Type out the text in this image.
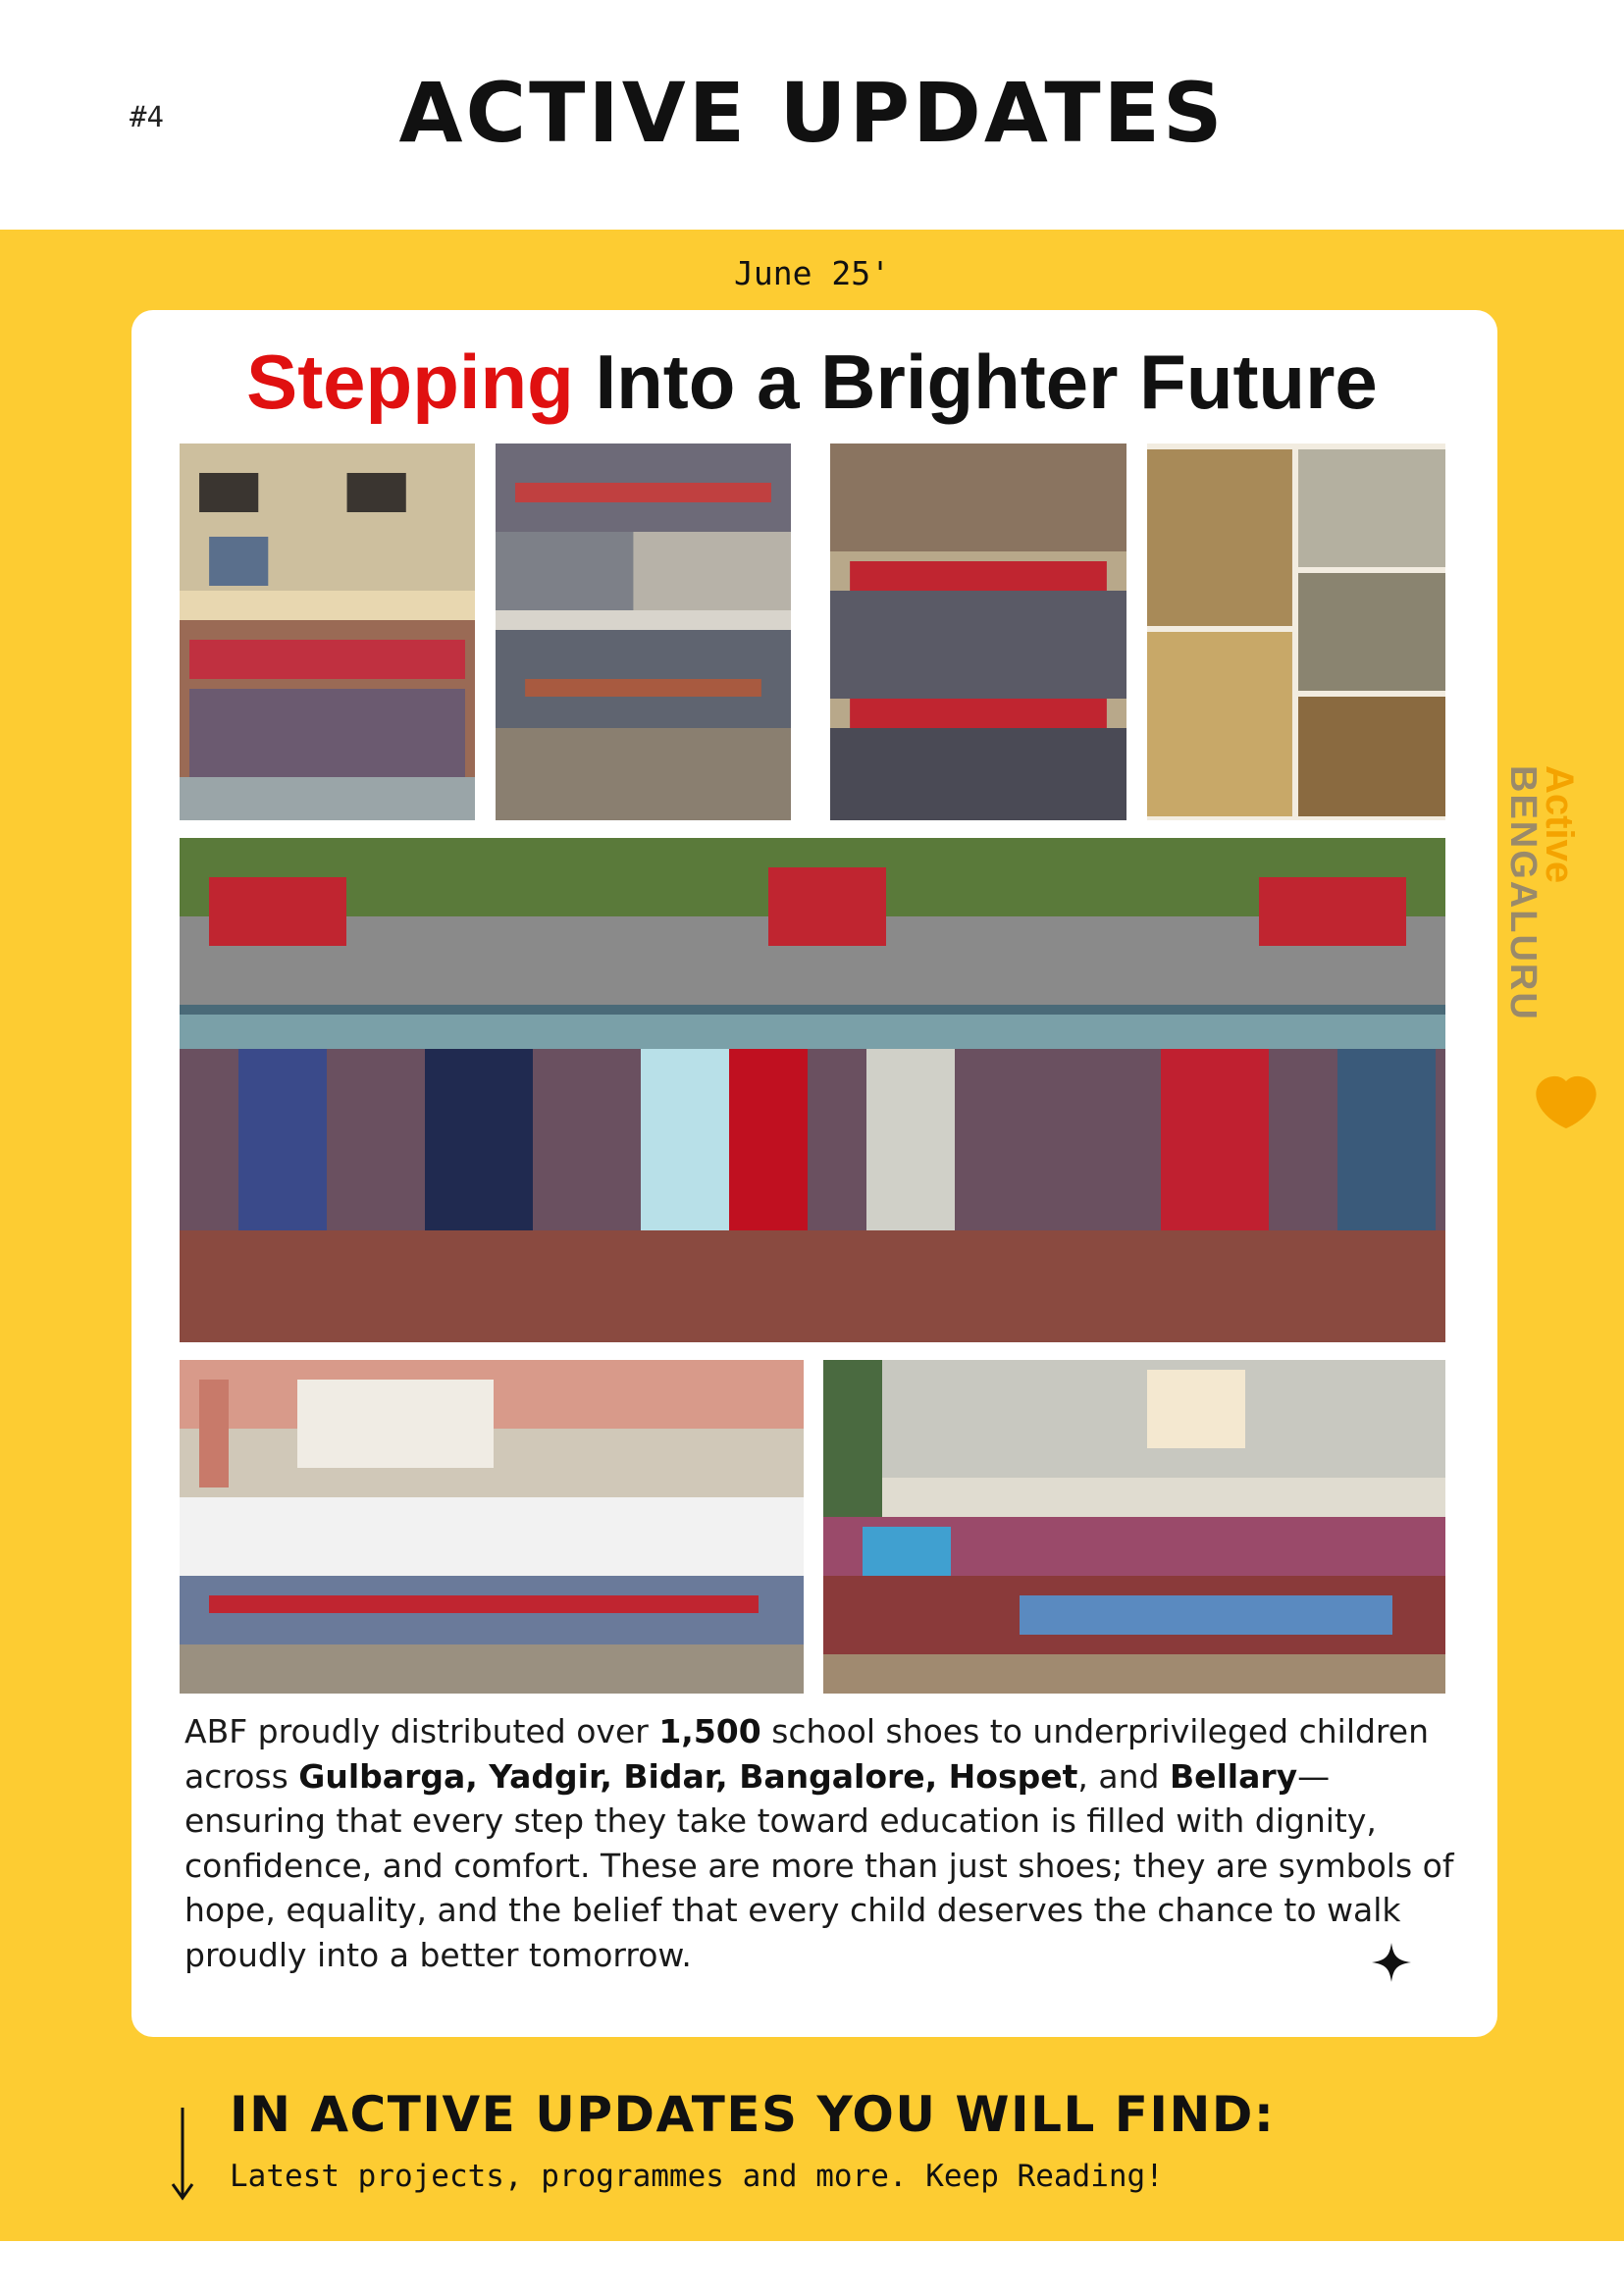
#4	ACTIVE UPDATES
June 25'
Stepping Into a Brighter Future

ABF proudly distributed over 1,500 school shoes to underprivileged children across Gulbarga, Yadgir, Bidar, Bangalore, Hospet, and Bellary—ensuring that every step they take toward education is filled with dignity, confidence, and comfort. These are more than just shoes; they are symbols of hope, equality, and the belief that every child deserves the chance to walk proudly into a better tomorrow.

Active
BENGALURU
IN ACTIVE UPDATES YOU WILL FIND:
Latest projects, programmes and more. Keep Reading!
